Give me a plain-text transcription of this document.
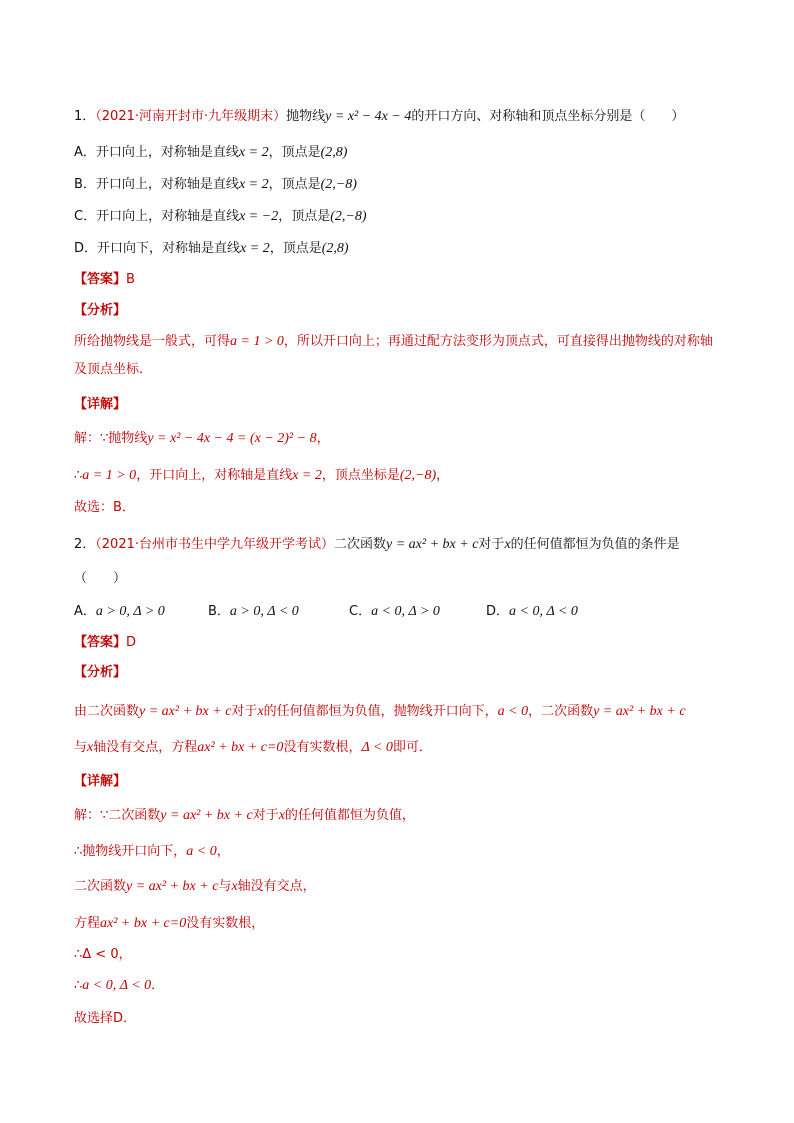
1．（2021·河南开封市·九年级期末）抛物线y = x² − 4x − 4的开口方向、对称轴和顶点坐标分别是（　　）
A．开口向上，对称轴是直线x = 2，顶点是(2,8)
B．开口向上，对称轴是直线x = 2，顶点是(2,−8)
C．开口向上，对称轴是直线x = −2，顶点是(2,−8)
D．开口向下，对称轴是直线x = 2，顶点是(2,8)
【答案】B
【分析】
所给抛物线是一般式，可得a = 1 > 0，所以开口向上；再通过配方法变形为顶点式，可直接得出抛物线的对称轴及顶点坐标．
【详解】
解：∵抛物线y = x² − 4x − 4 = (x − 2)² − 8，
∴a = 1 > 0，开口向上，对称轴是直线x = 2，顶点坐标是(2,−8)，
故选：B．
2．（2021·台州市书生中学九年级开学考试）二次函数y = ax² + bx + c对于x的任何值都恒为负值的条件是
（　　）
A．a > 0, Δ > 0	B．a > 0, Δ < 0	C．a < 0, Δ > 0	D．a < 0, Δ < 0
【答案】D
【分析】
由二次函数y = ax² + bx + c对于x的任何值都恒为负值，抛物线开口向下，a < 0，二次函数y = ax² + bx + c
与x轴没有交点，方程ax² + bx + c=0没有实数根，Δ < 0即可．
【详解】
解：∵二次函数y = ax² + bx + c对于x的任何值都恒为负值，
∴抛物线开口向下，a < 0，
二次函数y = ax² + bx + c与x轴没有交点，
方程ax² + bx + c=0没有实数根，
∴Δ < 0，
∴a < 0, Δ < 0．
故选择D．
